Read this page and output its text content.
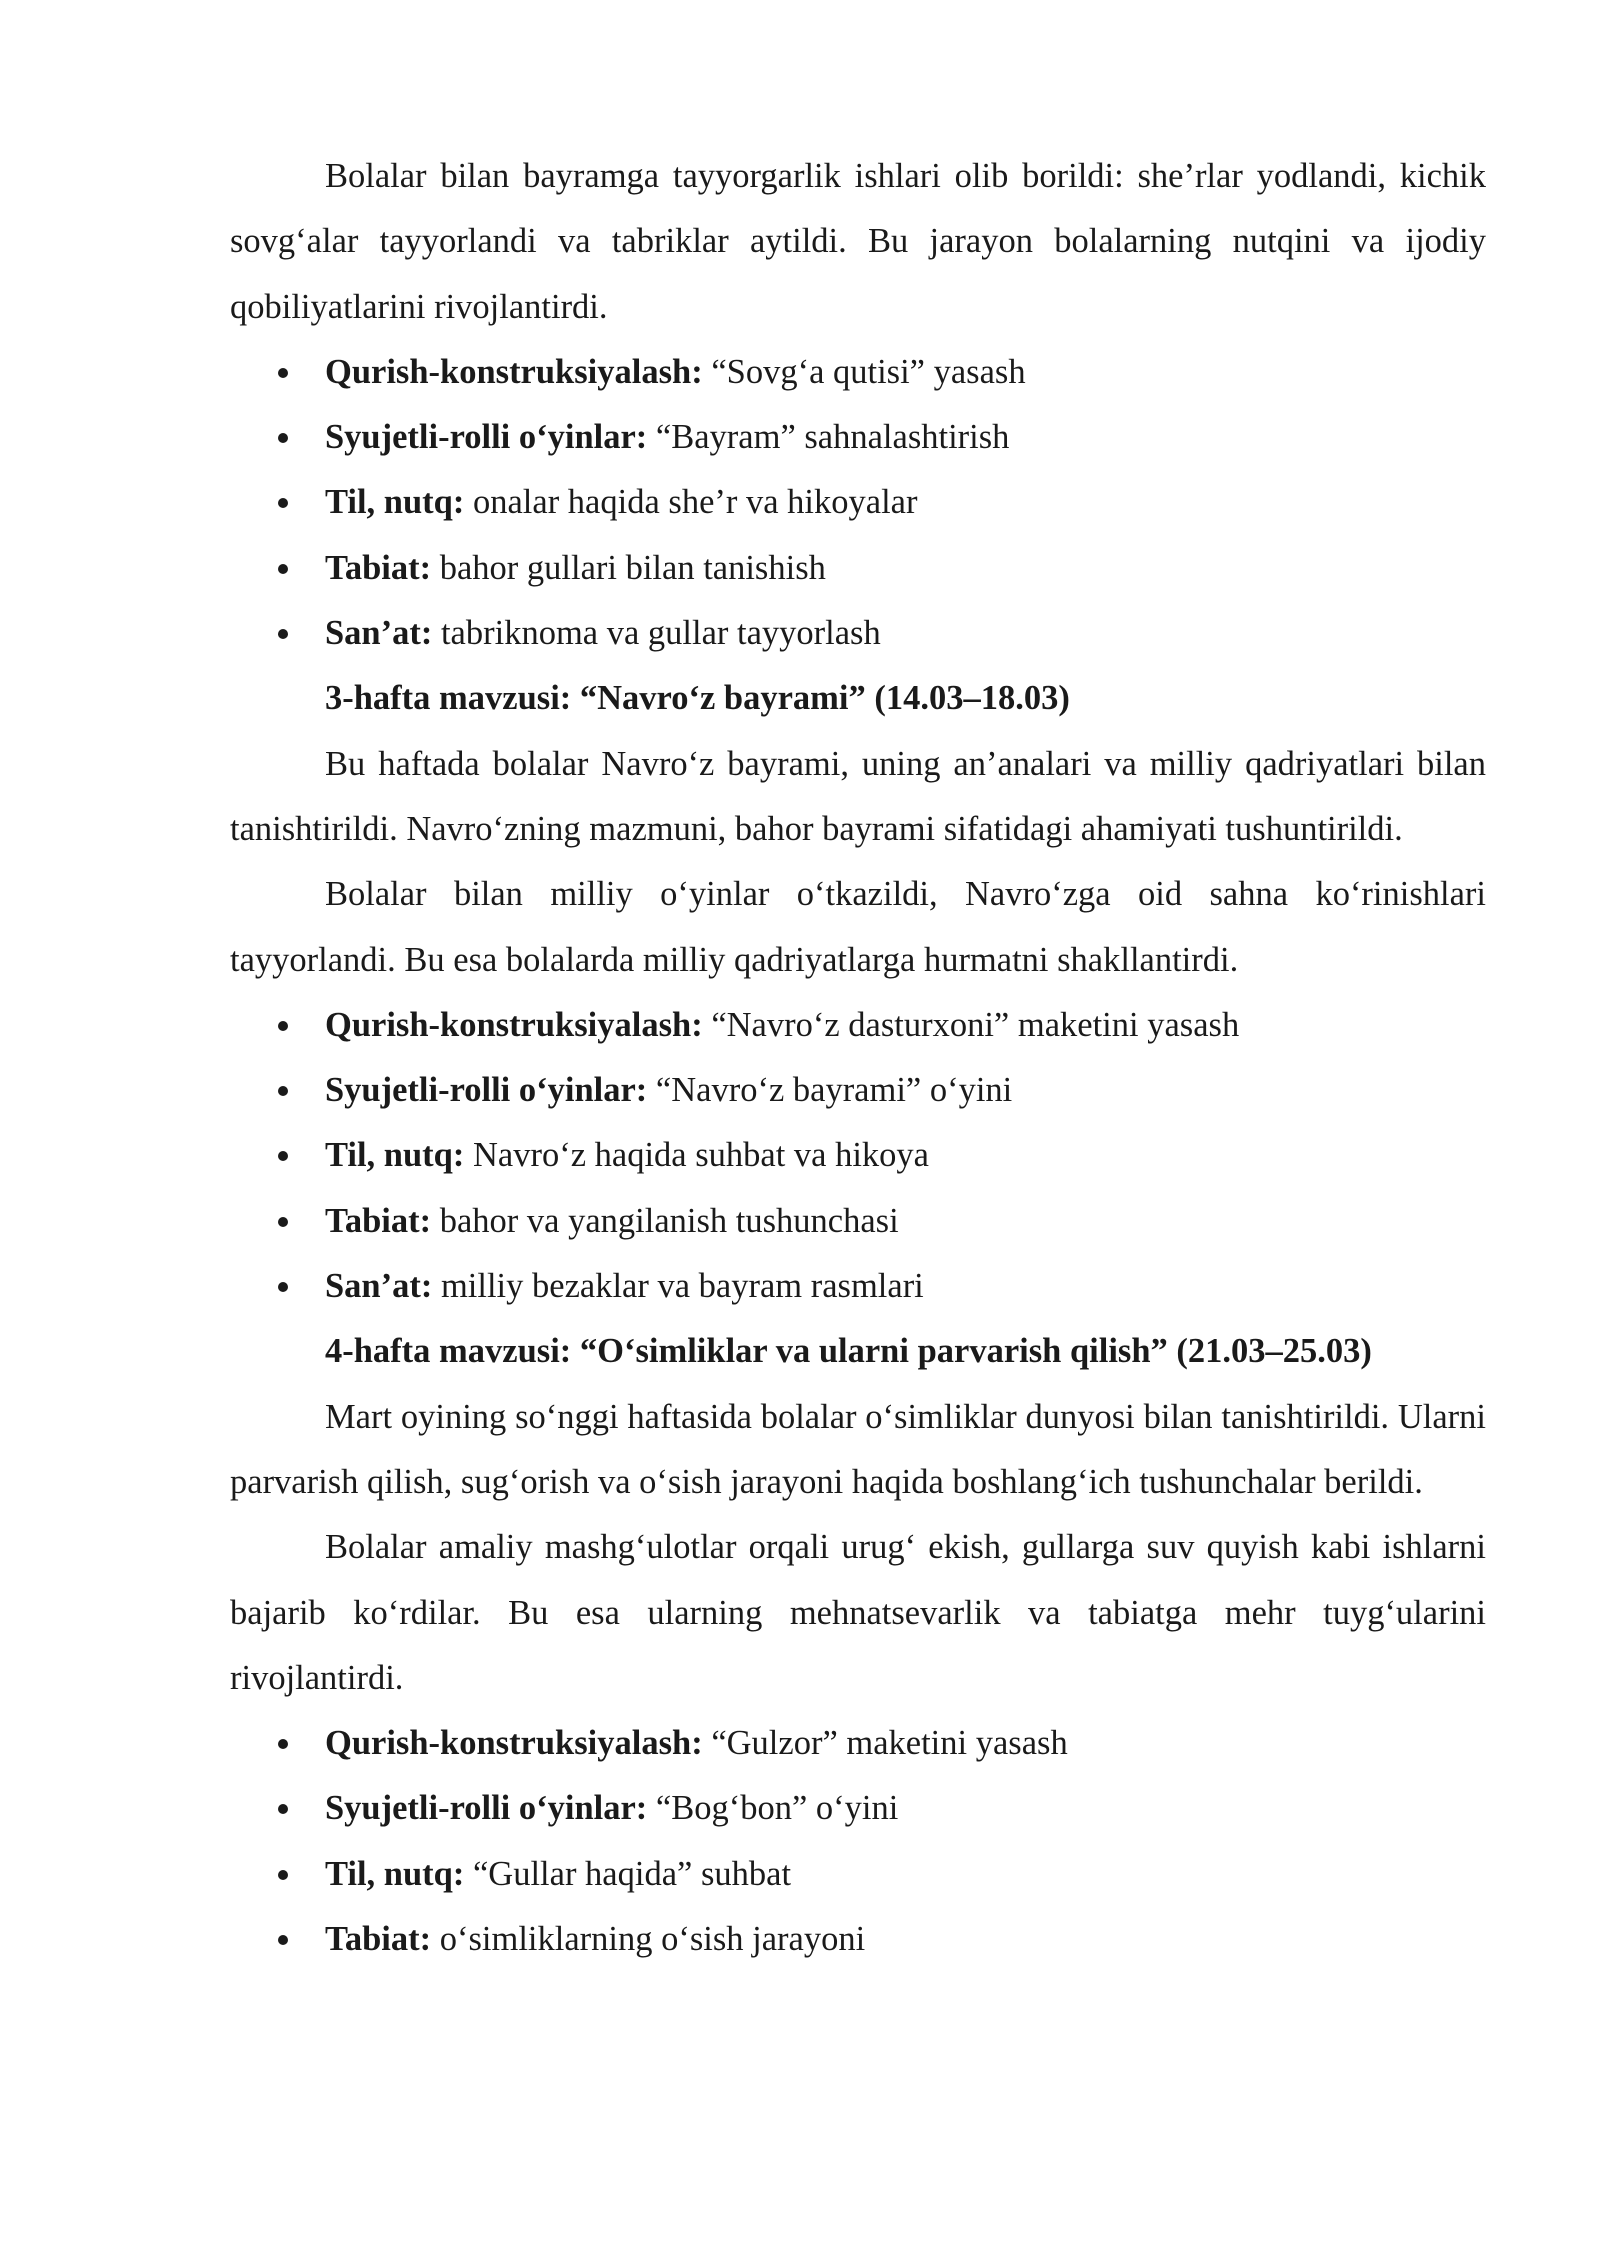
Bolalar bilan bayramga tayyorgarlik ishlari olib borildi: she’rlar yodlandi, kichik sovg‘alar tayyorlandi va tabriklar aytildi. Bu jarayon bolalarning nutqini va ijodiy qobiliyatlarini rivojlantirdi.

Qurish-konstruksiyalash: “Sovg‘a qutisi” yasash
Syujetli-rolli o‘yinlar: “Bayram” sahnalashtirish
Til, nutq: onalar haqida she’r va hikoyalar
Tabiat: bahor gullari bilan tanishish
San’at: tabriknoma va gullar tayyorlash

3-hafta mavzusi: “Navro‘z bayrami” (14.03–18.03)

Bu haftada bolalar Navro‘z bayrami, uning an’analari va milliy qadriyatlari bilan tanishtirildi. Navro‘zning mazmuni, bahor bayrami sifatidagi ahamiyati tushuntirildi.

Bolalar bilan milliy o‘yinlar o‘tkazildi, Navro‘zga oid sahna ko‘rinishlari tayyorlandi. Bu esa bolalarda milliy qadriyatlarga hurmatni shakllantirdi.

Qurish-konstruksiyalash: “Navro‘z dasturxoni” maketini yasash
Syujetli-rolli o‘yinlar: “Navro‘z bayrami” o‘yini
Til, nutq: Navro‘z haqida suhbat va hikoya
Tabiat: bahor va yangilanish tushunchasi
San’at: milliy bezaklar va bayram rasmlari

4-hafta mavzusi: “O‘simliklar va ularni parvarish qilish” (21.03–25.03)

Mart oyining so‘nggi haftasida bolalar o‘simliklar dunyosi bilan tanishtirildi. Ularni parvarish qilish, sug‘orish va o‘sish jarayoni haqida boshlang‘ich tushunchalar berildi.

Bolalar amaliy mashg‘ulotlar orqali urug‘ ekish, gullarga suv quyish kabi ishlarni bajarib ko‘rdilar. Bu esa ularning mehnatsevarlik va tabiatga mehr tuyg‘ularini rivojlantirdi.

Qurish-konstruksiyalash: “Gulzor” maketini yasash
Syujetli-rolli o‘yinlar: “Bog‘bon” o‘yini
Til, nutq: “Gullar haqida” suhbat
Tabiat: o‘simliklarning o‘sish jarayoni
